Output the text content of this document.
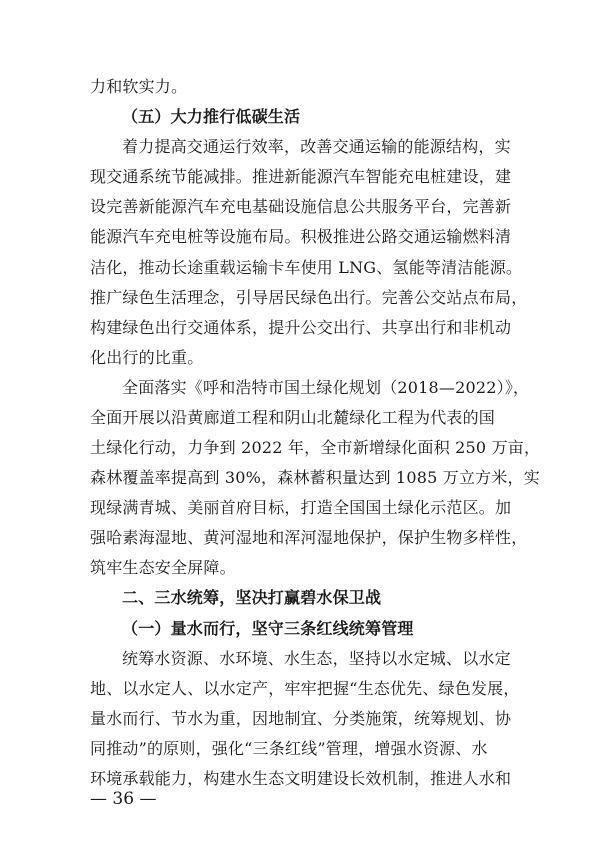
力和软实力。
（五）大力推行低碳生活
着力提高交通运行效率，改善交通运输的能源结构，实
现交通系统节能减排。推进新能源汽车智能充电桩建设，建
设完善新能源汽车充电基础设施信息公共服务平台，完善新
能源汽车充电桩等设施布局。积极推进公路交通运输燃料清
洁化，推动长途重载运输卡车使用 LNG、氢能等清洁能源。
推广绿色生活理念，引导居民绿色出行。完善公交站点布局，
构建绿色出行交通体系，提升公交出行、共享出行和非机动
化出行的比重。
全面落实《呼和浩特市国土绿化规划（2018—2022）》，
全面开展以沿黄廊道工程和阴山北麓绿化工程为代表的国
土绿化行动，力争到 2022 年，全市新增绿化面积 250 万亩，
森林覆盖率提高到 30%，森林蓄积量达到 1085 万立方米，实
现绿满青城、美丽首府目标，打造全国国土绿化示范区。加
强哈素海湿地、黄河湿地和浑河湿地保护，保护生物多样性，
筑牢生态安全屏障。
二、三水统筹，坚决打赢碧水保卫战
（一）量水而行，坚守三条红线统筹管理
统筹水资源、水环境、水生态，坚持以水定城、以水定
地、以水定人、以水定产，牢牢把握“生态优先、绿色发展，
量水而行、节水为重，因地制宜、分类施策，统筹规划、协
同推动”的原则，强化“三条红线”管理，增强水资源、水
环境承载能力，构建水生态文明建设长效机制，推进人水和
— 36 —
